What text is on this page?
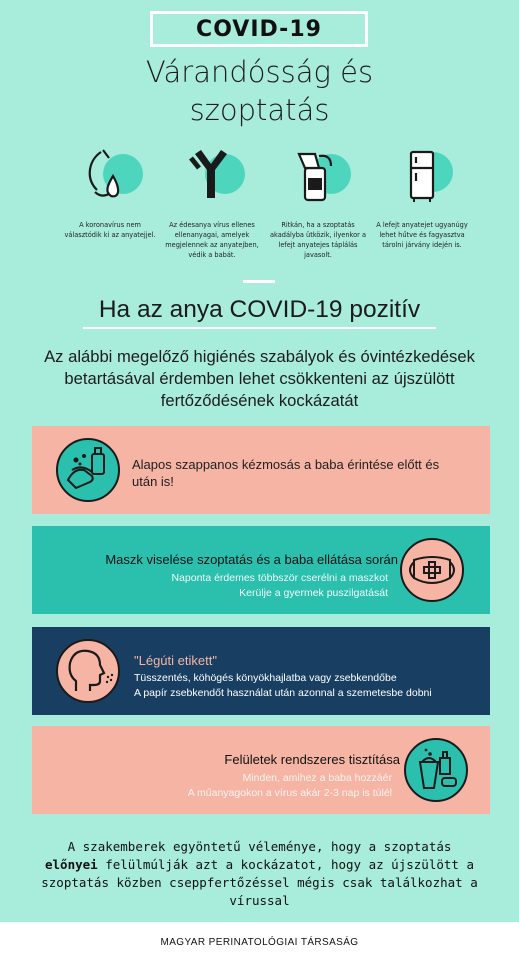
COVID-19
Várandósság és
szoptatás
A koronavírus nem választódik ki az anyatejjel.
Az édesanya vírus ellenes ellenanyagai, amelyek megjelennek az anyatejben, védik a babát.
Ritkán, ha a szoptatás akadályba ütközik, ilyenkor a lefejt anyatejes táplálás javasolt.
A lefejt anyatejet ugyanúgy lehet hűtve és fagyasztva tárolni járvány idején is.
Ha az anya COVID-19 pozitív
Az alábbi megelőző higiénés szabályok és óvintézkedések betartásával érdemben lehet csökkenteni az újszülött fertőződésének kockázatát
Alapos szappanos kézmosás a baba érintése előtt és után is!
Maszk viselése szoptatás és a baba ellátása során
Naponta érdemes többször cserélni a maszkot
Kerülje a gyermek puszilgatását
"Légúti etikett"
Tüsszentés, köhögés könyökhajlatba vagy zsebkendőbe
A papír zsebkendőt használat után azonnal a szemetesbe dobni
Felületek rendszeres tisztítása
Minden, amihez a baba hozzáér
A műanyagokon a vírus akár 2-3 nap is túlél
A szakemberek egyöntetű véleménye, hogy a szoptatás előnyei felülmúlják azt a kockázatot, hogy az újszülött a szoptatás közben cseppfertőzéssel mégis csak találkozhat a vírussal
MAGYAR PERINATOLÓGIAI TÁRSASÁG
